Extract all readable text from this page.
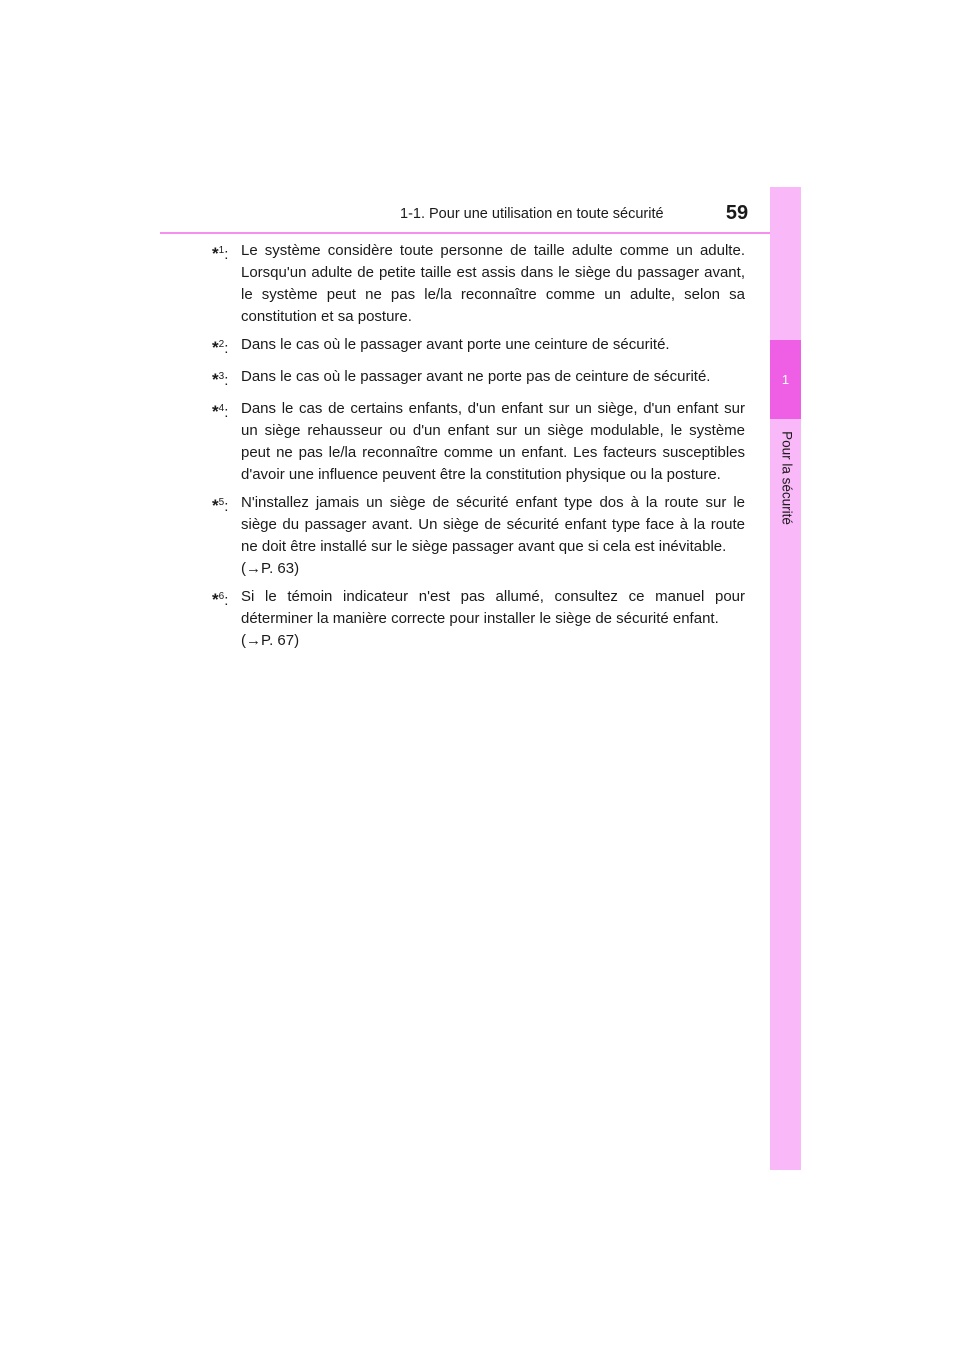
1-1. Pour une utilisation en toute sécurité	59
1
Pour la sécurité
*$^1$: Le système considère toute personne de taille adulte comme un adulte. Lorsqu'un adulte de petite taille est assis dans le siège du passager avant, le système peut ne pas le/la reconnaître comme un adulte, selon sa constitution et sa posture.
*$^2$: Dans le cas où le passager avant porte une ceinture de sécurité.
*$^3$: Dans le cas où le passager avant ne porte pas de ceinture de sécurité.
*$^4$: Dans le cas de certains enfants, d'un enfant sur un siège, d'un enfant sur un siège rehausseur ou d'un enfant sur un siège modulable, le système peut ne pas le/la reconnaître comme un enfant. Les facteurs susceptibles d'avoir une influence peuvent être la constitution physique ou la posture.
*$^5$: N'installez jamais un siège de sécurité enfant type dos à la route sur le siège du passager avant. Un siège de sécurité enfant type face à la route ne doit être installé sur le siège passager avant que si cela est inévitable.
(→P. 63)
*$^6$: Si le témoin indicateur n'est pas allumé, consultez ce manuel pour déterminer la manière correcte pour installer le siège de sécurité enfant.
(→P. 67)
